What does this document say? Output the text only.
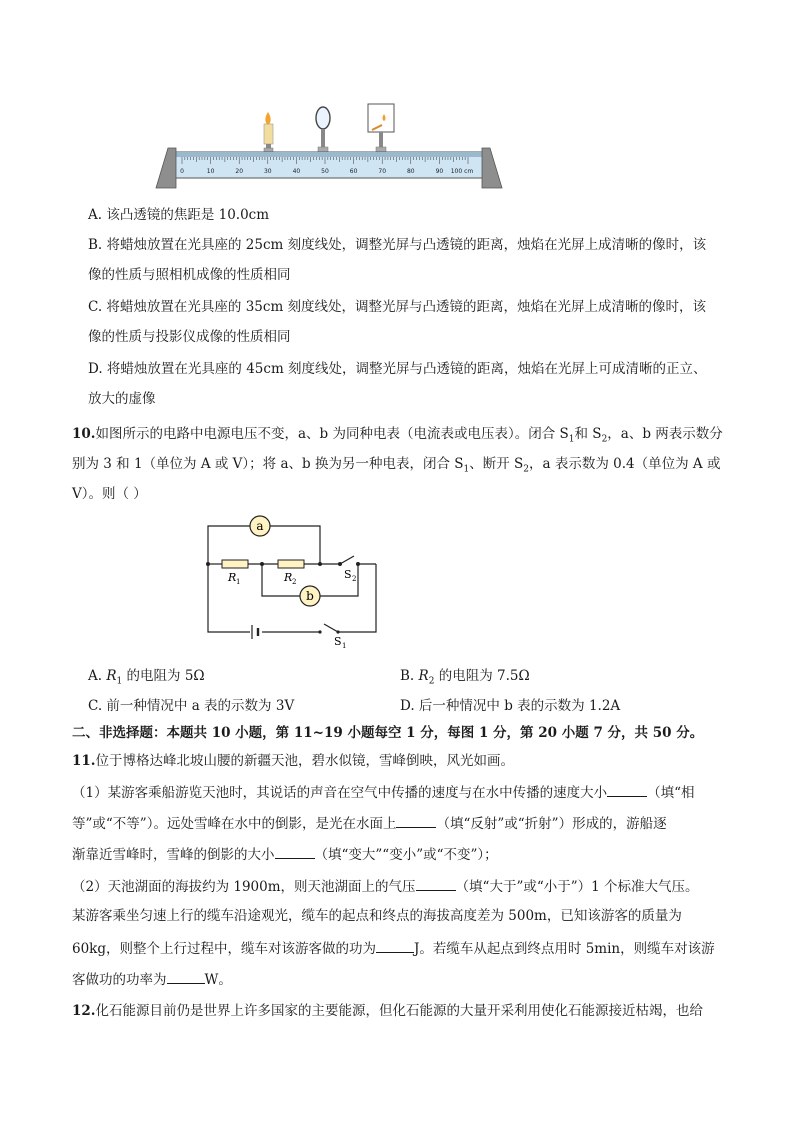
0	10	20	30	40	50	60	70	80	90 100 cm
A. 该凸透镜的焦距是 10.0cm
B. 将蜡烛放置在光具座的 25cm 刻度线处，调整光屏与凸透镜的距离，烛焰在光屏上成清晰的像时，该
像的性质与照相机成像的性质相同
C. 将蜡烛放置在光具座的 35cm 刻度线处，调整光屏与凸透镜的距离，烛焰在光屏上成清晰的像时，该
像的性质与投影仪成像的性质相同
D. 将蜡烛放置在光具座的 45cm 刻度线处，调整光屏与凸透镜的距离，烛焰在光屏上可成清晰的正立、
放大的虚像
10.如图所示的电路中电源电压不变，a、b 为同种电表（电流表或电压表）。闭合 $S_1$和 $S_2$，a、b 两表示数分
别为 3 和 1（单位为 A 或 V）；将 a、b 换为另一种电表，闭合 $S_1$、断开 $S_2$，a 表示数为 0.4（单位为 A 或
V）。则（ ）
a
b
R 1	R 2
S 2
S 1
A. $R_1$ 的电阻为 5Ω	B. $R_2$ 的电阻为 7.5Ω
C. 前一种情况中 a 表的示数为 3V	D. 后一种情况中 b 表的示数为 1.2A
二、非选择题：本题共 10 小题，第 11~19 小题每空 1 分，每图 1 分，第 20 小题 7 分，共 50 分。
11.位于博格达峰北坡山腰的新疆天池，碧水似镜，雪峰倒映，风光如画。
（1）某游客乘船游览天池时，其说话的声音在空气中传播的速度与在水中传播的速度大小	（填“相
等”或“不等”）。远处雪峰在水中的倒影，是光在水面上	（填“反射”或“折射”）形成的，游船逐
渐靠近雪峰时，雪峰的倒影的大小	（填“变大”“变小”或“不变”）；
（2）天池湖面的海拔约为 1900m，则天池湖面上的气压	（填“大于”或“小于”）1 个标准大气压。
某游客乘坐匀速上行的缆车沿途观光，缆车的起点和终点的海拔高度差为 500m，已知该游客的质量为
60kg，则整个上行过程中，缆车对该游客做的功为	J。若缆车从起点到终点用时 5min，则缆车对该游
客做功的功率为	W。
12.化石能源目前仍是世界上许多国家的主要能源，但化石能源的大量开采利用使化石能源接近枯竭，也给
